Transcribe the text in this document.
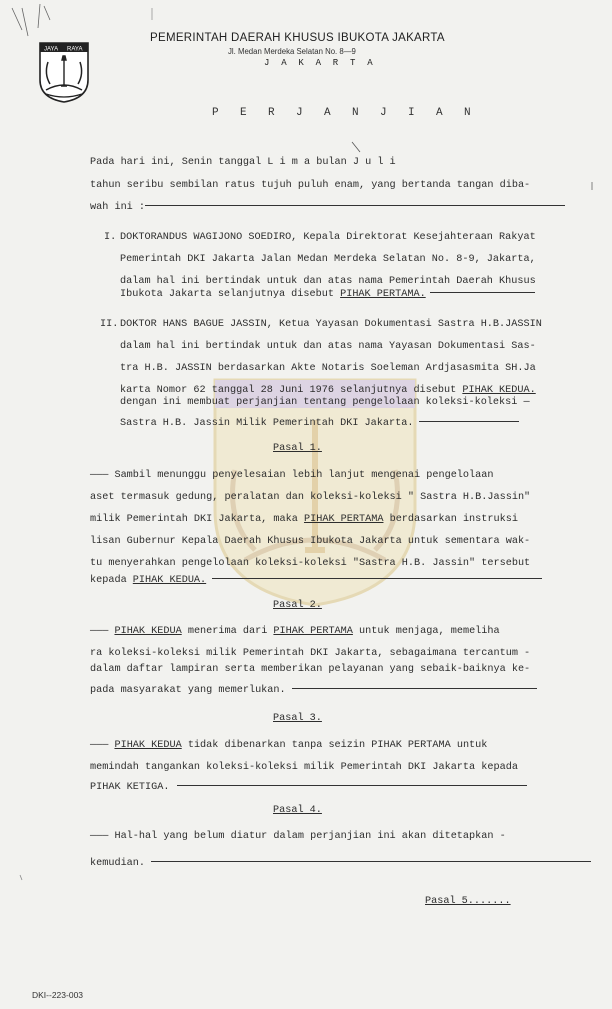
JAYA RAYA
PEMERINTAH DAERAH KHUSUS IBUKOTA JAKARTA
Jl. Medan Merdeka Selatan No. 8—9
J A K A R T A
P E R J A N J I A N
Pada hari ini, Senin tanggal L i m a bulan J u l i
tahun seribu sembilan ratus tujuh puluh enam, yang bertanda tangan diba-
wah ini :
I. DOKTORANDUS WAGIJONO SOEDIRO, Kepala Direktorat Kesejahteraan Rakyat
Pemerintah DKI Jakarta Jalan Medan Merdeka Selatan No. 8-9, Jakarta,
dalam hal ini bertindak untuk dan atas nama Pemerintah Daerah Khusus
Ibukota Jakarta selanjutnya disebut PIHAK PERTAMA.
II. DOKTOR HANS BAGUE JASSIN, Ketua Yayasan Dokumentasi Sastra H.B.JASSIN
dalam hal ini bertindak untuk dan atas nama Yayasan Dokumentasi Sas-
tra H.B. JASSIN berdasarkan Akte Notaris Soeleman Ardjasasmita SH.Ja
karta Nomor 62 tanggal 28 Juni 1976 selanjutnya disebut PIHAK KEDUA.
dengan ini membuat perjanjian tentang pengelolaan koleksi-koleksi —
Sastra H.B. Jassin Milik Pemerintah DKI Jakarta.
Pasal 1.
——— Sambil menunggu penyelesaian lebih lanjut mengenai pengelolaan
aset termasuk gedung, peralatan dan koleksi-koleksi " Sastra H.B.Jassin"
milik Pemerintah DKI Jakarta, maka PIHAK PERTAMA berdasarkan instruksi
lisan Gubernur Kepala Daerah Khusus Ibukota Jakarta untuk sementara wak-
tu menyerahkan pengelolaan koleksi-koleksi "Sastra H.B. Jassin" tersebut
kepada PIHAK KEDUA.
Pasal 2.
——— PIHAK KEDUA menerima dari PIHAK PERTAMA untuk menjaga, memeliha
ra koleksi-koleksi milik Pemerintah DKI Jakarta, sebagaimana tercantum -
dalam daftar lampiran serta memberikan pelayanan yang sebaik-baiknya ke-
pada masyarakat yang memerlukan.
Pasal 3.
——— PIHAK KEDUA tidak dibenarkan tanpa seizin PIHAK PERTAMA untuk
memindah tangankan koleksi-koleksi milik Pemerintah DKI Jakarta kepada
PIHAK KETIGA.
Pasal 4.
——— Hal-hal yang belum diatur dalam perjanjian ini akan ditetapkan -
kemudian.
Pasal 5.......
DKI--223-003
